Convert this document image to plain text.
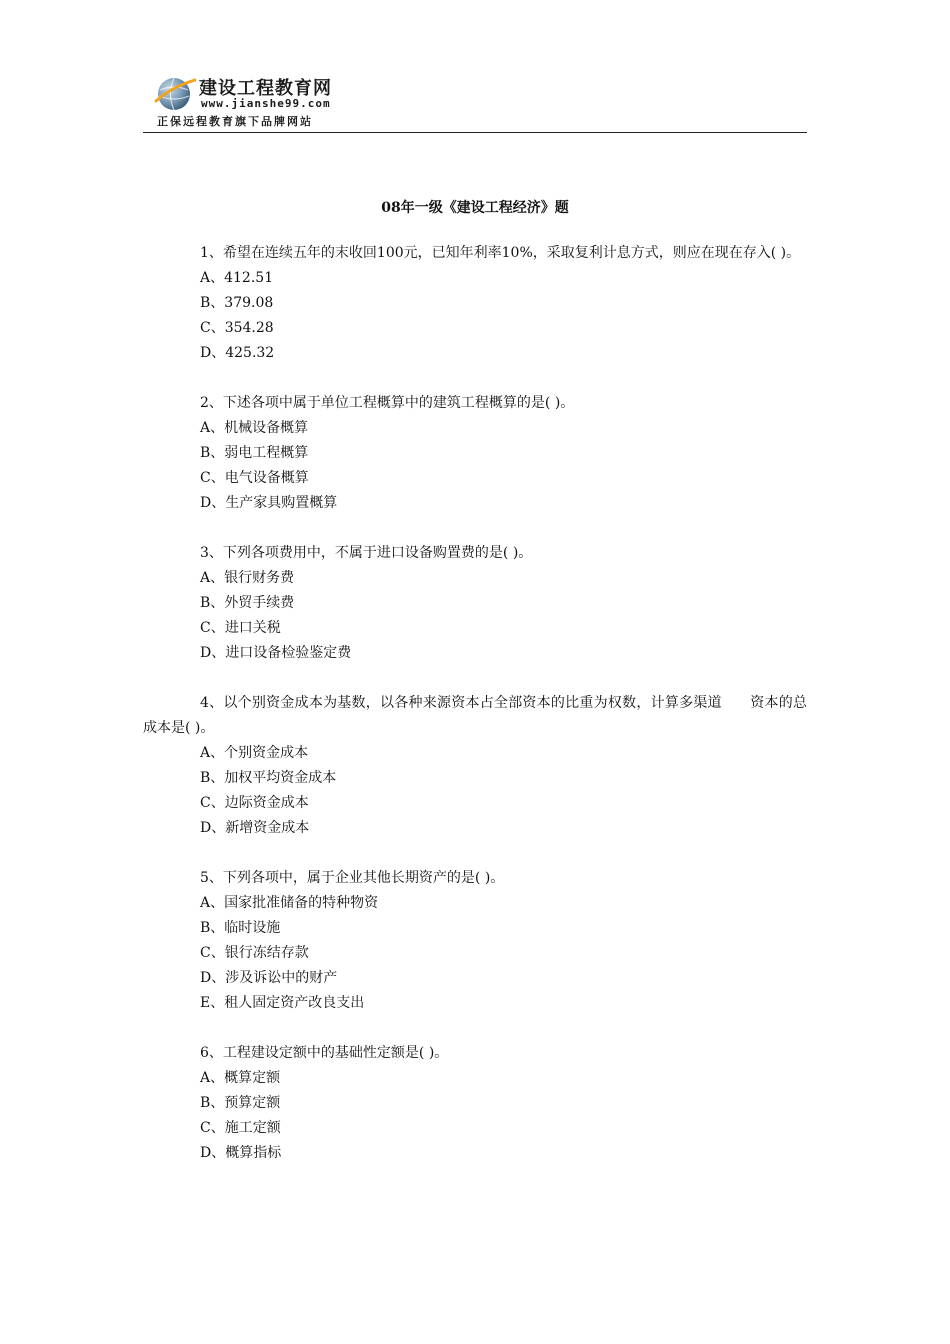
建设工程教育网
www.jianshe99.com
正保远程教育旗下品牌网站
08年一级《建设工程经济》题
1、希望在连续五年的末收回100元，已知年利率10%，采取复利计息方式，则应在现在存入( )。
A、412.51
B、379.08
C、354.28
D、425.32
2、下述各项中属于单位工程概算中的建筑工程概算的是( )。
A、机械设备概算
B、弱电工程概算
C、电气设备概算
D、生产家具购置概算
3、下列各项费用中，不属于进口设备购置费的是( )。
A、银行财务费
B、外贸手续费
C、进口关税
D、进口设备检验鉴定费
4、以个别资金成本为基数，以各种来源资本占全部资本的比重为权数，计算多渠道　　资本的总成本是( )。
A、个别资金成本
B、加权平均资金成本
C、边际资金成本
D、新增资金成本
5、下列各项中，属于企业其他长期资产的是( )。
A、国家批准储备的特种物资
B、临时设施
C、银行冻结存款
D、涉及诉讼中的财产
E、租人固定资产改良支出
6、工程建设定额中的基础性定额是( )。
A、概算定额
B、预算定额
C、施工定额
D、概算指标
